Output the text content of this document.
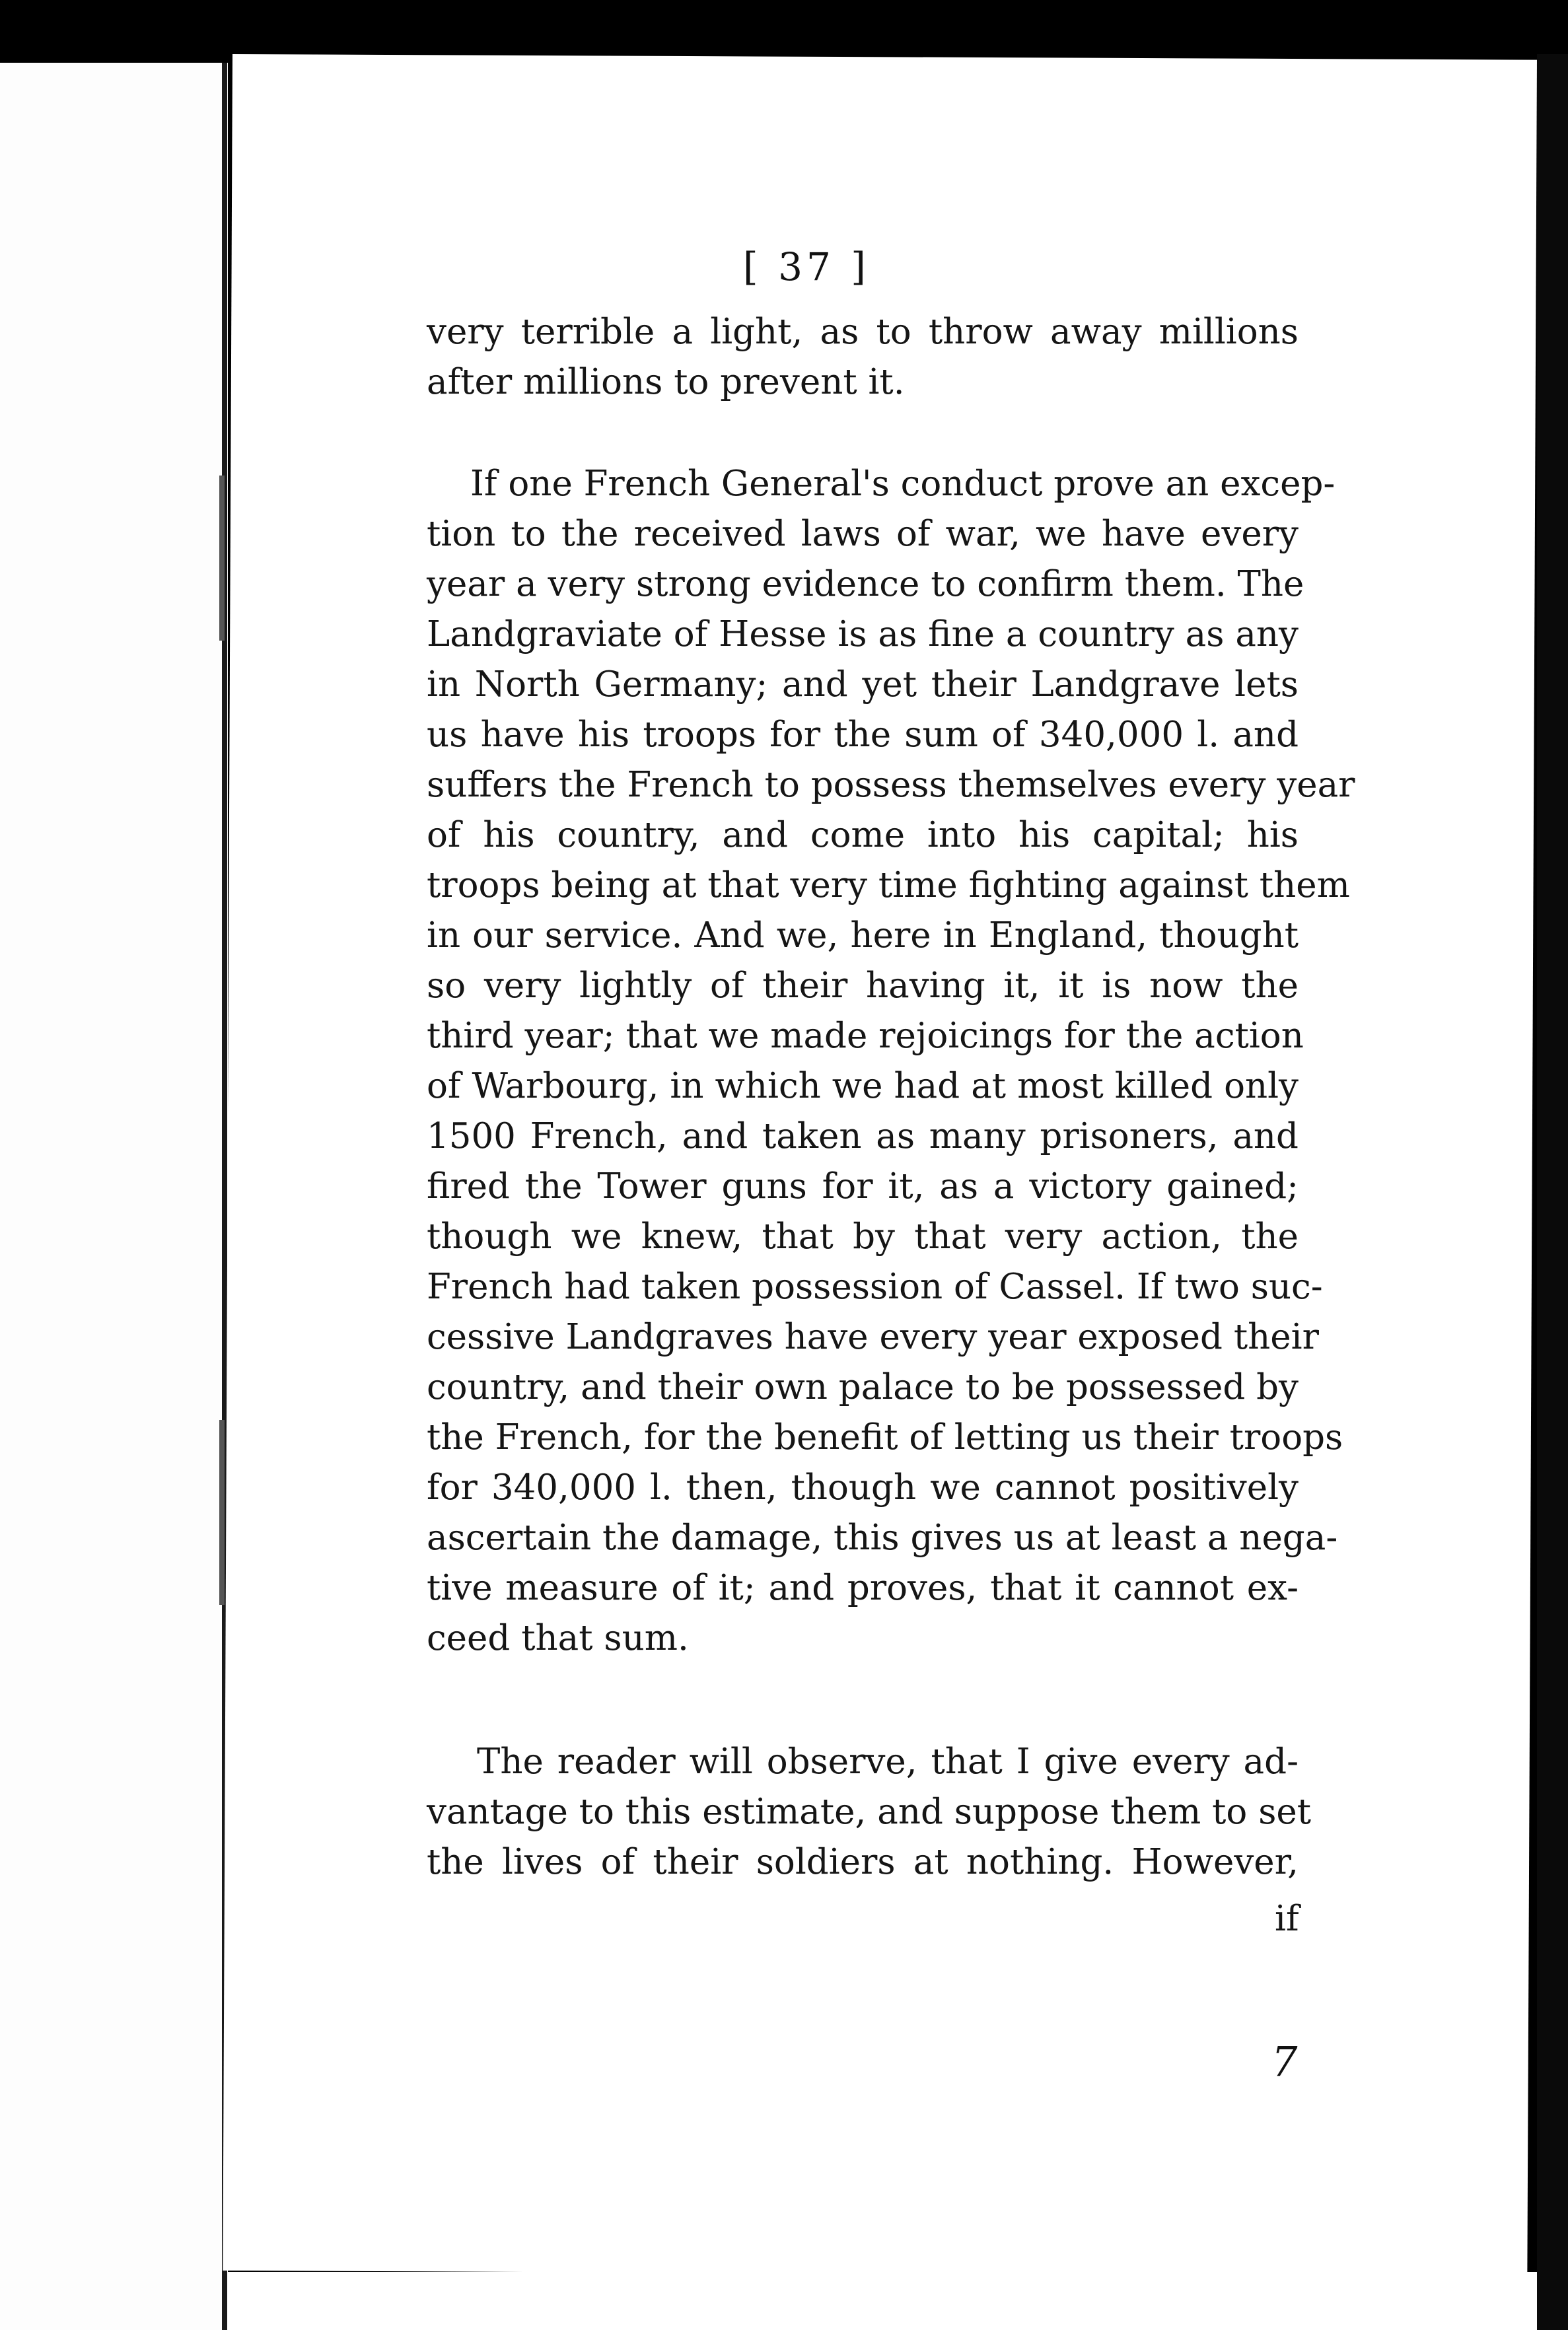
[ 37 ]
very terrible a light, as to throw away millions
after millions to prevent it.
If one French General's conduct prove an excep-
tion to the received laws of war, we have every
year a very strong evidence to confirm them. The
Landgraviate of Hesse is as fine a country as any
in North Germany; and yet their Landgrave lets
us have his troops for the sum of 340,000 l. and
suffers the French to possess themselves every year
of his country, and come into his capital; his
troops being at that very time fighting against them
in our service. And we, here in England, thought
so very lightly of their having it, it is now the
third year; that we made rejoicings for the action
of Warbourg, in which we had at most killed only
1500 French, and taken as many prisoners, and
fired the Tower guns for it, as a victory gained;
though we knew, that by that very action, the
French had taken possession of Cassel. If two suc-
cessive Landgraves have every year exposed their
country, and their own palace to be possessed by
the French, for the benefit of letting us their troops
for 340,000 l. then, though we cannot positively
ascertain the damage, this gives us at least a nega-
tive measure of it; and proves, that it cannot ex-
ceed that sum.
The reader will observe, that I give every ad-
vantage to this estimate, and suppose them to set
the lives of their soldiers at nothing. However,
if
7
